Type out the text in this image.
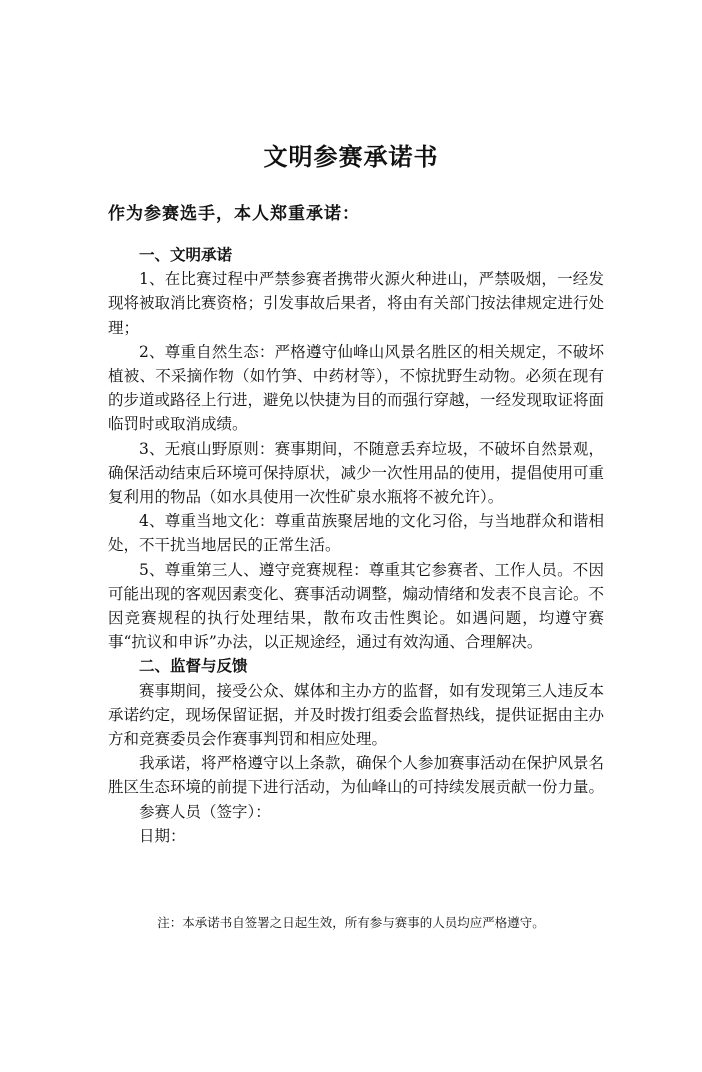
文明参赛承诺书
作为参赛选手，本人郑重承诺：

一、文明承诺

1、在比赛过程中严禁参赛者携带火源火种进山，严禁吸烟，一经发现将被取消比赛资格；引发事故后果者，将由有关部门按法律规定进行处理；

2、尊重自然生态：严格遵守仙峰山风景名胜区的相关规定，不破坏植被、不采摘作物（如竹笋、中药材等），不惊扰野生动物。必须在现有的步道或路径上行进，避免以快捷为目的而强行穿越，一经发现取证将面临罚时或取消成绩。

3、无痕山野原则：赛事期间，不随意丢弃垃圾，不破坏自然景观，确保活动结束后环境可保持原状，减少一次性用品的使用，提倡使用可重复利用的物品（如水具使用一次性矿泉水瓶将不被允许）。

4、尊重当地文化：尊重苗族聚居地的文化习俗，与当地群众和谐相处，不干扰当地居民的正常生活。

5、尊重第三人、遵守竞赛规程：尊重其它参赛者、工作人员。不因可能出现的客观因素变化、赛事活动调整，煽动情绪和发表不良言论。不因竞赛规程的执行处理结果，散布攻击性舆论。如遇问题，均遵守赛事“抗议和申诉”办法，以正规途经，通过有效沟通、合理解决。

二、监督与反馈

赛事期间，接受公众、媒体和主办方的监督，如有发现第三人违反本承诺约定，现场保留证据，并及时拨打组委会监督热线，提供证据由主办方和竞赛委员会作赛事判罚和相应处理。

我承诺，将严格遵守以上条款，确保个人参加赛事活动在保护风景名胜区生态环境的前提下进行活动，为仙峰山的可持续发展贡献一份力量。

参赛人员（签字）：

日期：

注：本承诺书自签署之日起生效，所有参与赛事的人员均应严格遵守。
